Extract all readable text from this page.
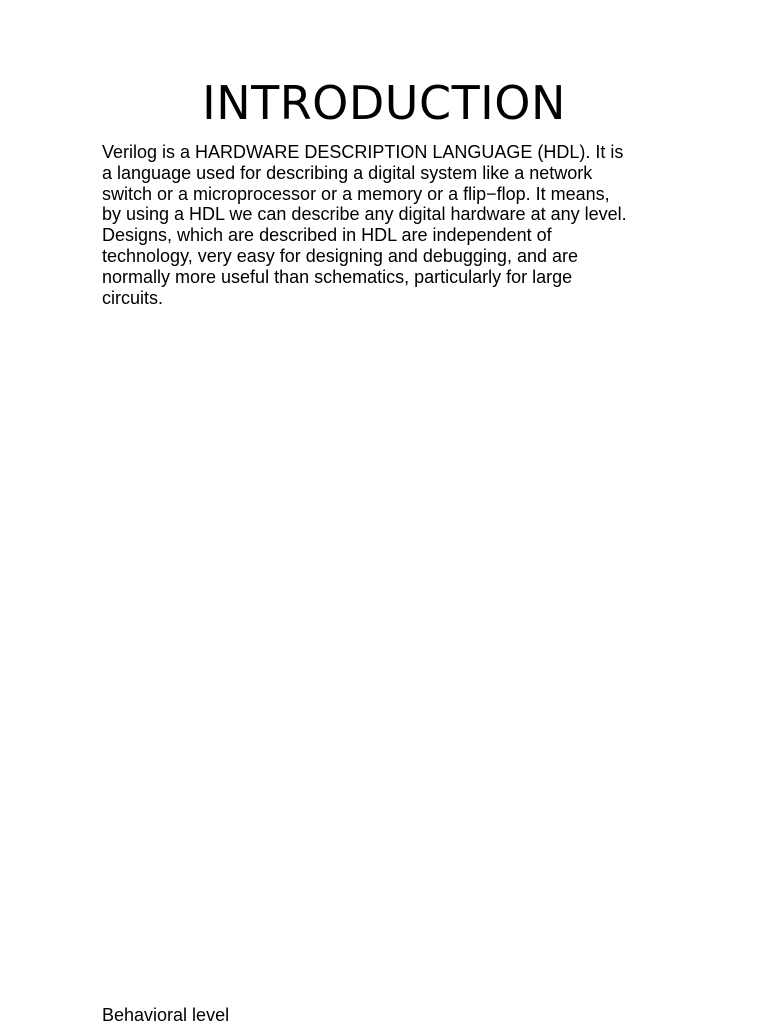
INTRODUCTION

Verilog is a HARDWARE DESCRIPTION LANGUAGE (HDL). It is
a language used for describing a digital system like a network
switch or a microprocessor or a memory or a flip−flop. It means,
by using a HDL we can describe any digital hardware at any level.
Designs, which are described in HDL are independent of
technology, very easy for designing and debugging, and are
normally more useful than schematics, particularly for large
circuits.

Behavioral level
